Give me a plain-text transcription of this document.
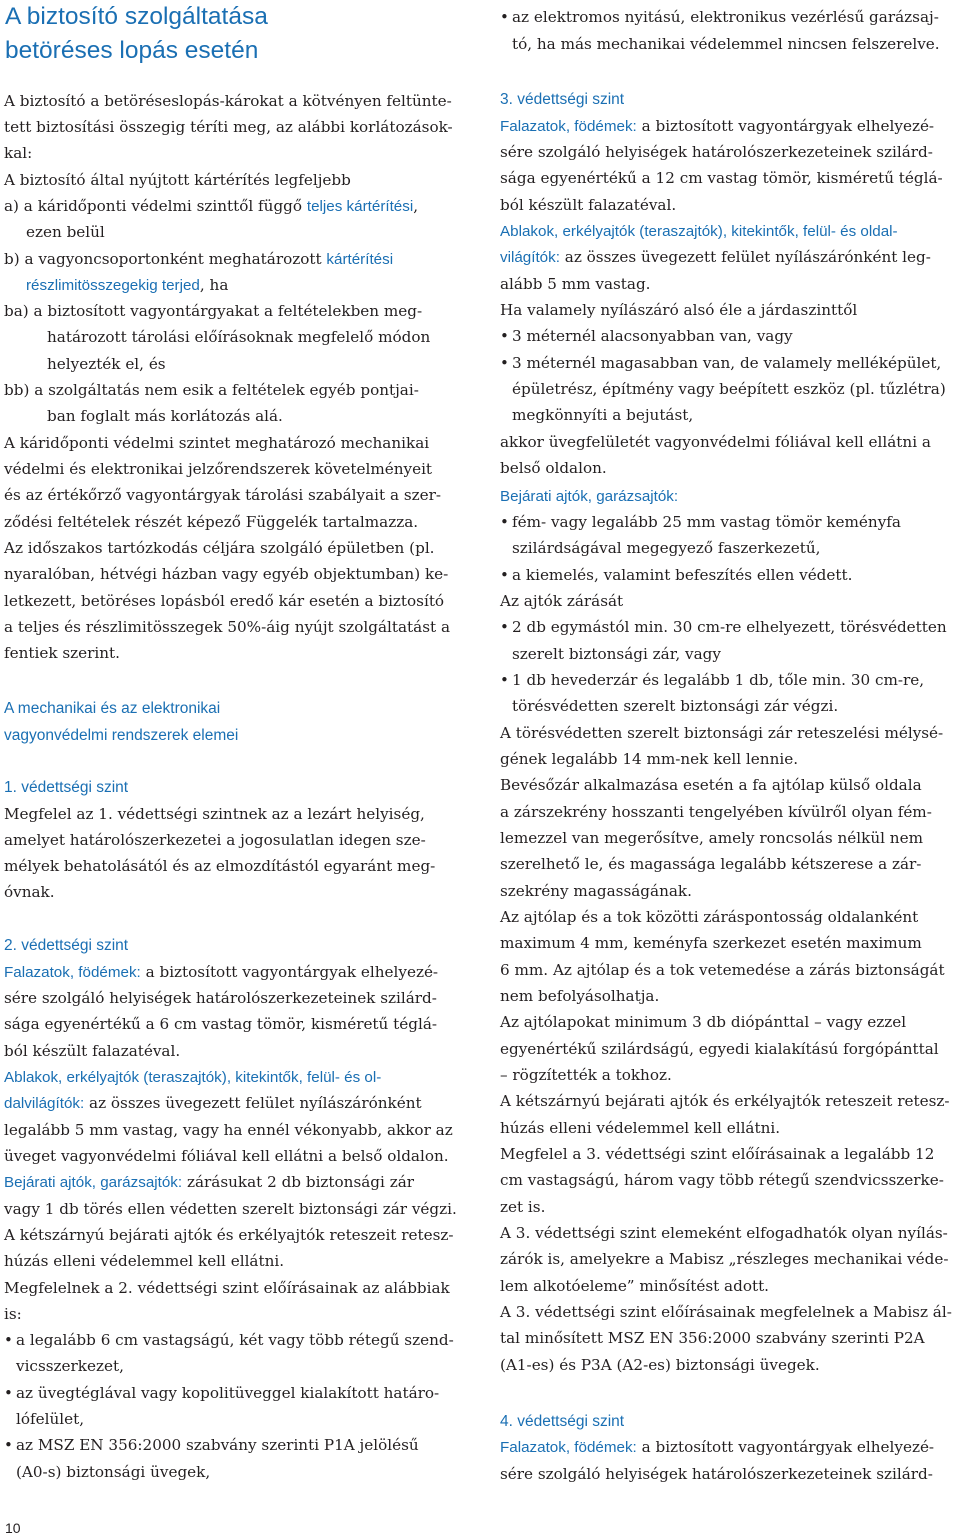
A biztosító szolgáltatása
betöréses lopás esetén
A biztosító a betöréseslopás-károkat a kötvényen feltünte-
tett biztosítási összegig téríti meg, az alábbi korlátozások-
kal:
A biztosító által nyújtott kártérítés legfeljebb
a) a káridőponti védelmi szinttől függő teljes kártérítési,
ezen belül
b) a vagyoncsoportonként meghatározott kártérítési
részlimitösszegekig terjed, ha
ba) a biztosított vagyontárgyakat a feltételekben meg-
határozott tárolási előírásoknak megfelelő módon
helyezték el, és
bb) a szolgáltatás nem esik a feltételek egyéb pontjai-
ban foglalt más korlátozás alá.
A káridőponti védelmi szintet meghatározó mechanikai
védelmi és elektronikai jelzőrendszerek követelményeit
és az értékőrző vagyontárgyak tárolási szabályait a szer-
ződési feltételek részét képező Függelék tartalmazza.
Az időszakos tartózkodás céljára szolgáló épületben (pl.
nyaralóban, hétvégi házban vagy egyéb objektumban) ke-
letkezett, betöréses lopásból eredő kár esetén a biztosító
a teljes és részlimitösszegek 50%-áig nyújt szolgáltatást a
fentiek szerint.
A mechanikai és az elektronikai
vagyonvédelmi rendszerek elemei
1. védettségi szint
Megfelel az 1. védettségi szintnek az a lezárt helyiség,
amelyet határolószerkezetei a jogosulatlan idegen sze-
mélyek behatolásától és az elmozdítástól egyaránt meg-
óvnak.
2. védettségi szint
Falazatok, födémek: a biztosított vagyontárgyak elhelyezé-
sére szolgáló helyiségek határolószerkezeteinek szilárd-
sága egyenértékű a 6 cm vastag tömör, kisméretű téglá-
ból készült falazatéval.
Ablakok, erkélyajtók (teraszajtók), kitekintők, felül- és ol-
dalvilágítók: az összes üvegezett felület nyílászárónként
legalább 5 mm vastag, vagy ha ennél vékonyabb, akkor az
üveget vagyonvédelmi fóliával kell ellátni a belső oldalon.
Bejárati ajtók, garázsajtók: zárásukat 2 db biztonsági zár
vagy 1 db törés ellen védetten szerelt biztonsági zár végzi.
A kétszárnyú bejárati ajtók és erkélyajtók reteszeit retesz-
húzás elleni védelemmel kell ellátni.
Megfelelnek a 2. védettségi szint előírásainak az alábbiak
is:
• a legalább 6 cm vastagságú, két vagy több rétegű szend-
vicsszerkezet,
• az üvegtéglával vagy kopolitüveggel kialakított határo-
lófelület,
• az MSZ EN 356:2000 szabvány szerinti P1A jelölésű
(A0-s) biztonsági üvegek,
• az elektromos nyitású, elektronikus vezérlésű garázsaj-
tó, ha más mechanikai védelemmel nincsen felszerelve.
3. védettségi szint
Falazatok, födémek: a biztosított vagyontárgyak elhelyezé-
sére szolgáló helyiségek határolószerkezeteinek szilárd-
sága egyenértékű a 12 cm vastag tömör, kisméretű téglá-
ból készült falazatéval.
Ablakok, erkélyajtók (teraszajtók), kitekintők, felül- és oldal-
világítók: az összes üvegezett felület nyílászárónként leg-
alább 5 mm vastag.
Ha valamely nyílászáró alsó éle a járdaszinttől
• 3 méternél alacsonyabban van, vagy
• 3 méternél magasabban van, de valamely melléképület,
épületrész, építmény vagy beépített eszköz (pl. tűzlétra)
megkönnyíti a bejutást,
akkor üvegfelületét vagyonvédelmi fóliával kell ellátni a
belső oldalon.
Bejárati ajtók, garázsajtók:
• fém- vagy legalább 25 mm vastag tömör keményfa
szilárdságával megegyező faszerkezetű,
• a kiemelés, valamint befeszítés ellen védett.
Az ajtók zárását
• 2 db egymástól min. 30 cm-re elhelyezett, törésvédetten
szerelt biztonsági zár, vagy
• 1 db hevederzár és legalább 1 db, tőle min. 30 cm-re,
törésvédetten szerelt biztonsági zár végzi.
A törésvédetten szerelt biztonsági zár reteszelési mélysé-
gének legalább 14 mm-nek kell lennie.
Bevésőzár alkalmazása esetén a fa ajtólap külső oldala
a zárszekrény hosszanti tengelyében kívülről olyan fém-
lemezzel van megerősítve, amely roncsolás nélkül nem
szerelhető le, és magassága legalább kétszerese a zár-
szekrény magasságának.
Az ajtólap és a tok közötti záráspontosság oldalanként
maximum 4 mm, keményfa szerkezet esetén maximum
6 mm. Az ajtólap és a tok vetemedése a zárás biztonságát
nem befolyásolhatja.
Az ajtólapokat minimum 3 db diópánttal – vagy ezzel
egyenértékű szilárdságú, egyedi kialakítású forgópánttal
– rögzítették a tokhoz.
A kétszárnyú bejárati ajtók és erkélyajtók reteszeit retesz-
húzás elleni védelemmel kell ellátni.
Megfelel a 3. védettségi szint előírásainak a legalább 12
cm vastagságú, három vagy több rétegű szendvicsszerke-
zet is.
A 3. védettségi szint elemeként elfogadhatók olyan nyílás-
zárók is, amelyekre a Mabisz „részleges mechanikai véde-
lem alkotóeleme” minősítést adott.
A 3. védettségi szint előírásainak megfelelnek a Mabisz ál-
tal minősített MSZ EN 356:2000 szabvány szerinti P2A
(A1-es) és P3A (A2-es) biztonsági üvegek.
4. védettségi szint
Falazatok, födémek: a biztosított vagyontárgyak elhelyezé-
sére szolgáló helyiségek határolószerkezeteinek szilárd-
10
